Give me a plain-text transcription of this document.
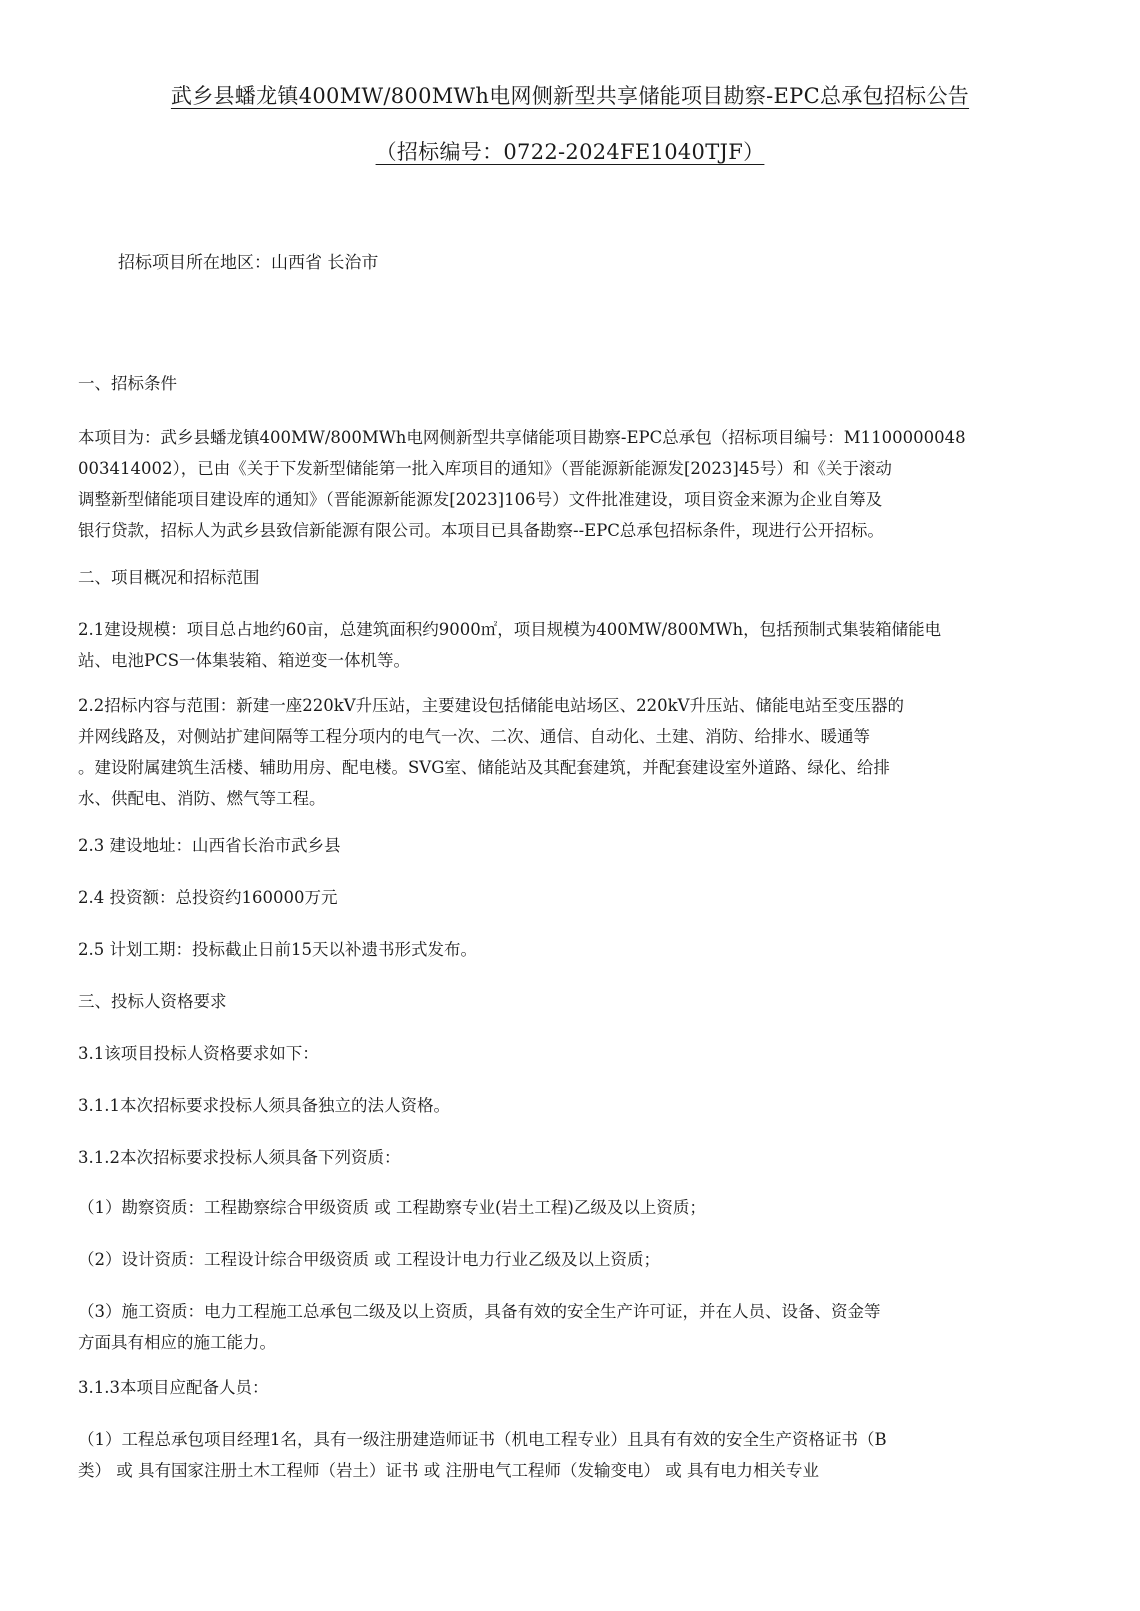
武乡县蟠龙镇400MW/800MWh电网侧新型共享储能项目勘察-EPC总承包招标公告
（招标编号：0722-2024FE1040TJF）
招标项目所在地区：山西省 长治市
一、招标条件
本项目为：武乡县蟠龙镇400MW/800MWh电网侧新型共享储能项目勘察-EPC总承包（招标项目编号：M1100000048
003414002），已由《关于下发新型储能第一批入库项目的通知》（晋能源新能源发[2023]45号）和《关于滚动
调整新型储能项目建设库的通知》（晋能源新能源发[2023]106号）文件批准建设，项目资金来源为企业自筹及
银行贷款，招标人为武乡县致信新能源有限公司。本项目已具备勘察--EPC总承包招标条件，现进行公开招标。
二、项目概况和招标范围
2.1建设规模：项目总占地约60亩，总建筑面积约9000㎡，项目规模为400MW/800MWh，包括预制式集装箱储能电
站、电池PCS一体集装箱、箱逆变一体机等。
2.2招标内容与范围：新建一座220kV升压站，主要建设包括储能电站场区、220kV升压站、储能电站至变压器的
并网线路及，对侧站扩建间隔等工程分项内的电气一次、二次、通信、自动化、土建、消防、给排水、暖通等
。建设附属建筑生活楼、辅助用房、配电楼。SVG室、储能站及其配套建筑，并配套建设室外道路、绿化、给排
水、供配电、消防、燃气等工程。
2.3 建设地址：山西省长治市武乡县
2.4 投资额：总投资约160000万元
2.5 计划工期：投标截止日前15天以补遗书形式发布。
三、投标人资格要求
3.1该项目投标人资格要求如下：
3.1.1本次招标要求投标人须具备独立的法人资格。
3.1.2本次招标要求投标人须具备下列资质：
（1）勘察资质：工程勘察综合甲级资质 或 工程勘察专业(岩土工程)乙级及以上资质；
（2）设计资质：工程设计综合甲级资质 或 工程设计电力行业乙级及以上资质；
（3）施工资质：电力工程施工总承包二级及以上资质，具备有效的安全生产许可证，并在人员、设备、资金等
方面具有相应的施工能力。
3.1.3本项目应配备人员：
（1）工程总承包项目经理1名，具有一级注册建造师证书（机电工程专业）且具有有效的安全生产资格证书（B
类） 或 具有国家注册土木工程师（岩土）证书 或 注册电气工程师（发输变电） 或 具有电力相关专业
